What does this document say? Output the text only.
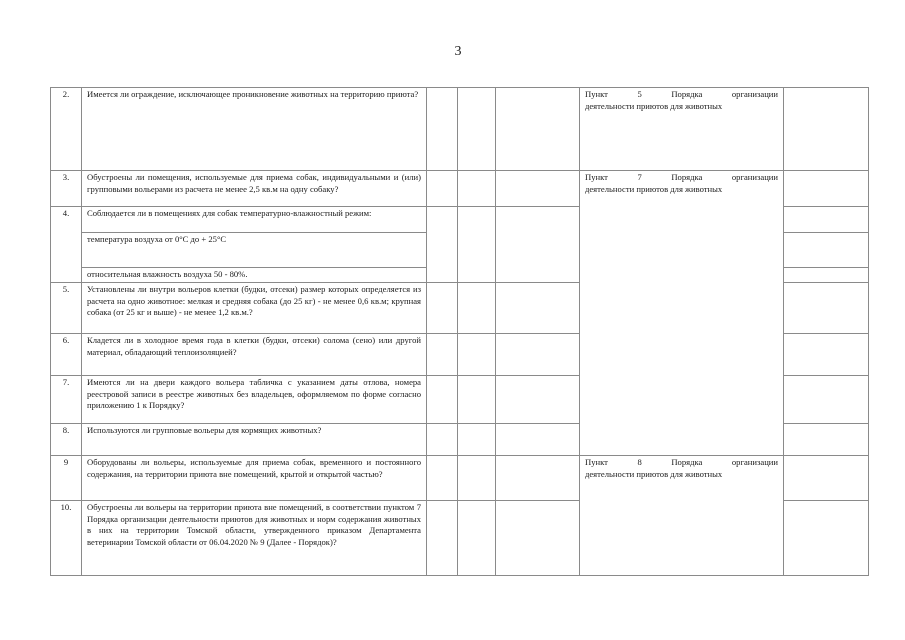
3
2.	Имеется ли ограждение, исключающее проникновение животных на территорию приюта?				Пункт 5 Порядка организации
деятельности приютов для животных	

3.	Обустроены ли помещения, используемые для приема собак, индивидуальными и (или) групповыми вольерами из расчета не менее 2,5 кв.м на одну собаку?				Пункт 7 Порядка организации
деятельности приютов для животных	

4.	Соблюдается ли в помещениях для собак температурно-влажностный режим:					
	температура воздуха от 0°С до + 25°С					
	относительная влажность воздуха 50 - 80%.					
5.	Установлены ли внутри вольеров клетки (будки, отсеки) размер которых определяется из расчета на одно животное: мелкая и средняя собака (до 25 кг) - не менее 0,6 кв.м; крупная собака (от 25 кг и выше) - не менее 1,2 кв.м.?					
6.	Кладется ли в холодное время года в клетки (будки, отсеки) солома (сено) или другой материал, обладающий теплоизоляцией?					
7.	Имеются ли на двери каждого вольера табличка с указанием даты отлова, номера реестровой записи в реестре животных без владельцев, оформляемом по форме согласно приложению 1 к Порядку?					
8.	Используются ли групповые вольеры для кормящих животных?					
9	Оборудованы ли вольеры, используемые для приема собак, временного и постоянного содержания, на территории приюта вне помещений, крытой и открытой частью?				Пункт 8 Порядка организации
деятельности приютов для животных	

10.	Обустроены ли вольеры на территории приюта вне помещений, в соответствии пунктом 7 Порядка организации деятельности приютов для животных и норм содержания животных в них на территории Томской области, утвержденного приказом Департамента ветеринарии Томской области от 06.04.2020 № 9 (Далее - Порядок)?					
